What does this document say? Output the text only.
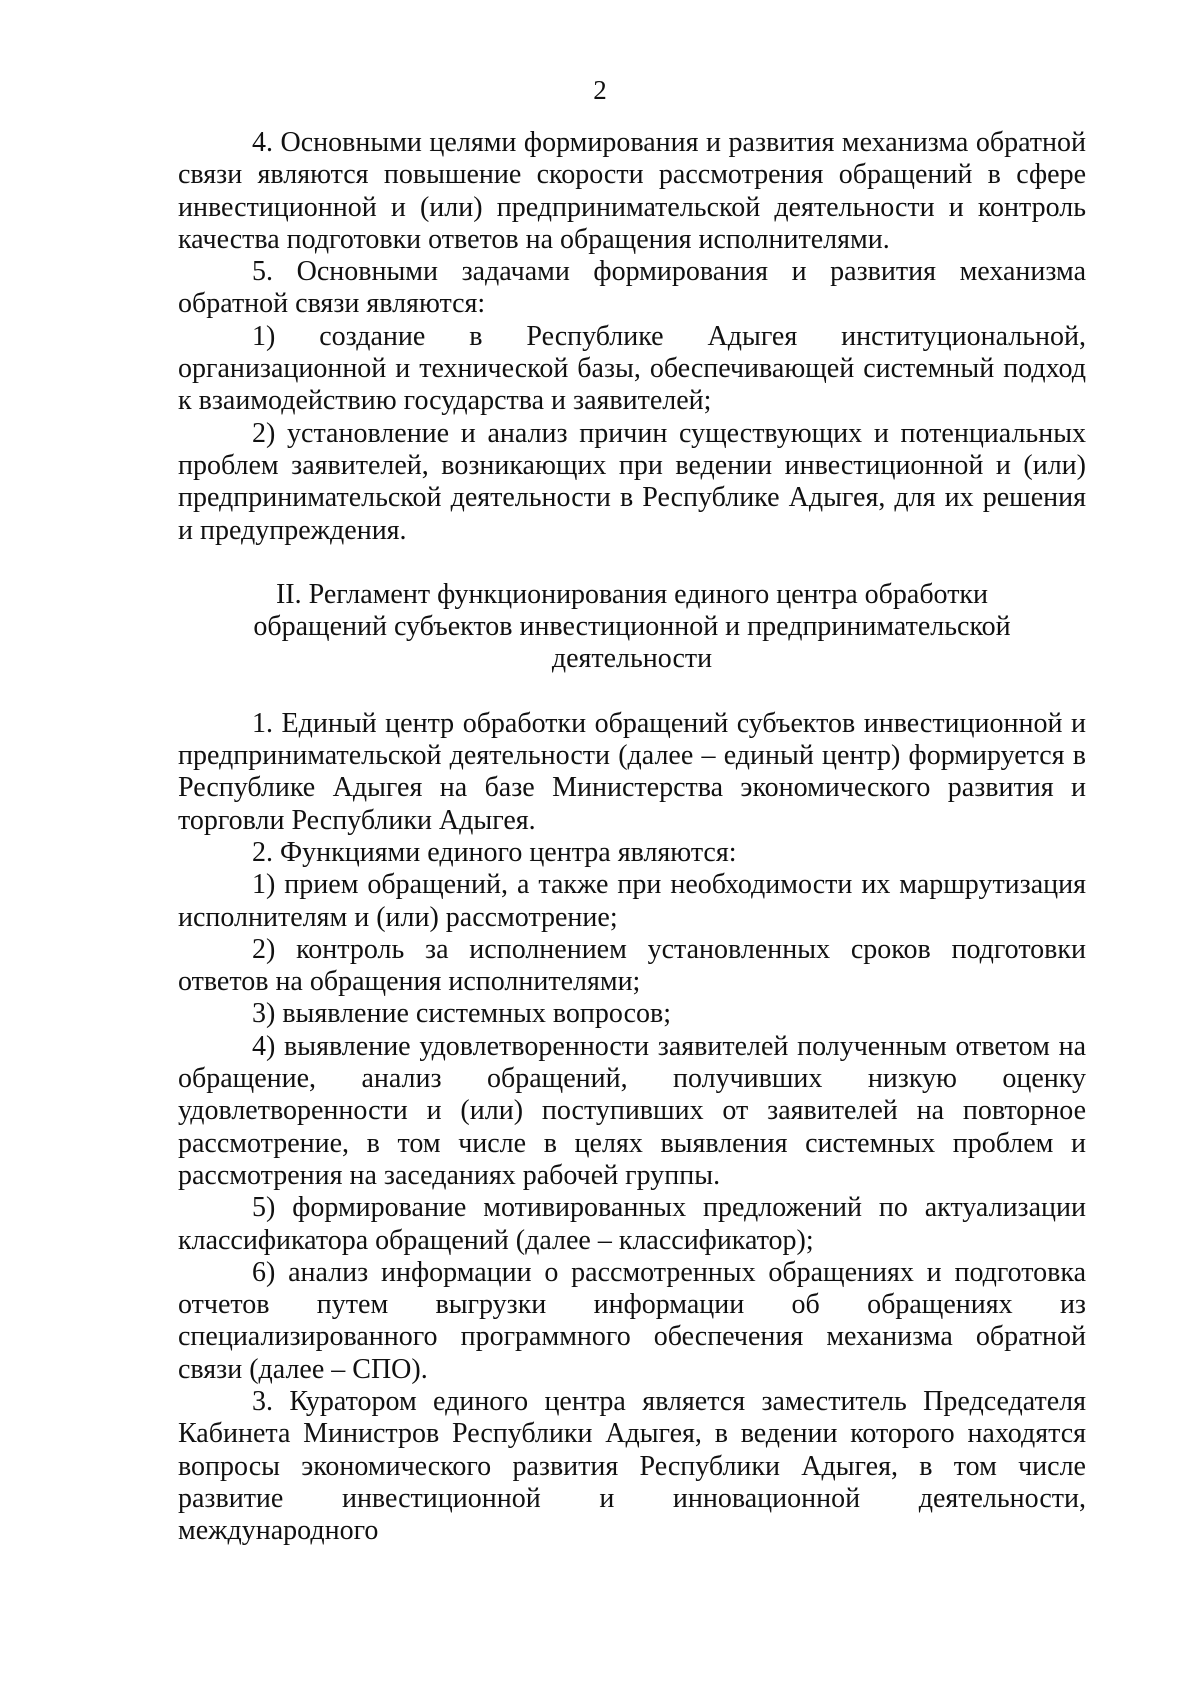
2

4. Основными целями формирования и развития механизма обратной связи являются повышение скорости рассмотрения обращений в сфере инвестиционной и (или) предпринимательской деятельности и контроль качества подготовки ответов на обращения исполнителями.

5. Основными задачами формирования и развития механизма обратной связи являются:

1) создание в Республике Адыгея институциональной, организационной и технической базы, обеспечивающей системный подход к взаимодействию государства и заявителей;

2) установление и анализ причин существующих и потенциальных проблем заявителей, возникающих при ведении инвестиционной и (или) предпринимательской деятельности в Республике Адыгея, для их решения и предупреждения.

II. Регламент функционирования единого центра обработки
обращений субъектов инвестиционной и предпринимательской
деятельности

1. Единый центр обработки обращений субъектов инвестиционной и предпринимательской деятельности (далее – единый центр) формируется в Республике Адыгея на базе Министерства экономического развития и торговли Республики Адыгея.

2. Функциями единого центра являются:

1) прием обращений, а также при необходимости их маршрутизация исполнителям и (или) рассмотрение;

2) контроль за исполнением установленных сроков подготовки ответов на обращения исполнителями;

3) выявление системных вопросов;

4) выявление удовлетворенности заявителей полученным ответом на обращение, анализ обращений, получивших низкую оценку удовлетворенности и (или) поступивших от заявителей на повторное рассмотрение, в том числе в целях выявления системных проблем и рассмотрения на заседаниях рабочей группы.

5) формирование мотивированных предложений по актуализации классификатора обращений (далее – классификатор);

6) анализ информации о рассмотренных обращениях и подготовка отчетов путем выгрузки информации об обращениях из специализированного программного обеспечения механизма обратной связи (далее – СПО).

3. Куратором единого центра является заместитель Председателя Кабинета Министров Республики Адыгея, в ведении которого находятся вопросы экономического развития Республики Адыгея, в том числе развитие инвестиционной и инновационной деятельности, международного
